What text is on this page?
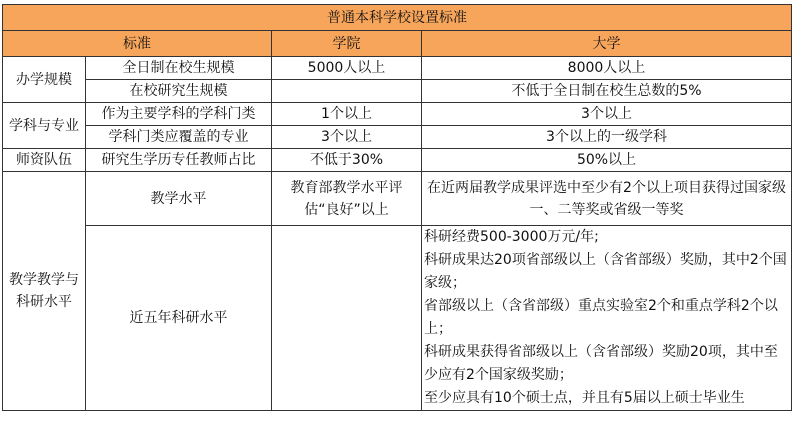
普通本科学校设置标准			
标准		学院	大学
办学规模	全日制在校生规模	5000人以上	8000人以上
	在校研究生规模		不低于全日制在校生总数的5%
学科与专业	作为主要学科的学科门类	1个以上	3个以上
	学科门类应覆盖的专业	3个以上	3个以上的一级学科
师资队伍	研究生学历专任教师占比	不低于30%	50%以上
教学教学与科研水平	教学水平	教育部教学水平评估“良好”以上	在近两届教学成果评选中至少有2个以上项目获得过国家级一、二等奖或省级一等奖
	近五年科研水平		科研经费500-3000万元/年;
科研成果达20项省部级以上（含省部级）奖励，其中2个国家级；
省部级以上（含省部级）重点实验室2个和重点学科2个以上；
科研成果获得省部级以上（含省部级）奖励20项，其中至少应有2个国家级奖励；
至少应具有10个硕士点，并且有5届以上硕士毕业生
